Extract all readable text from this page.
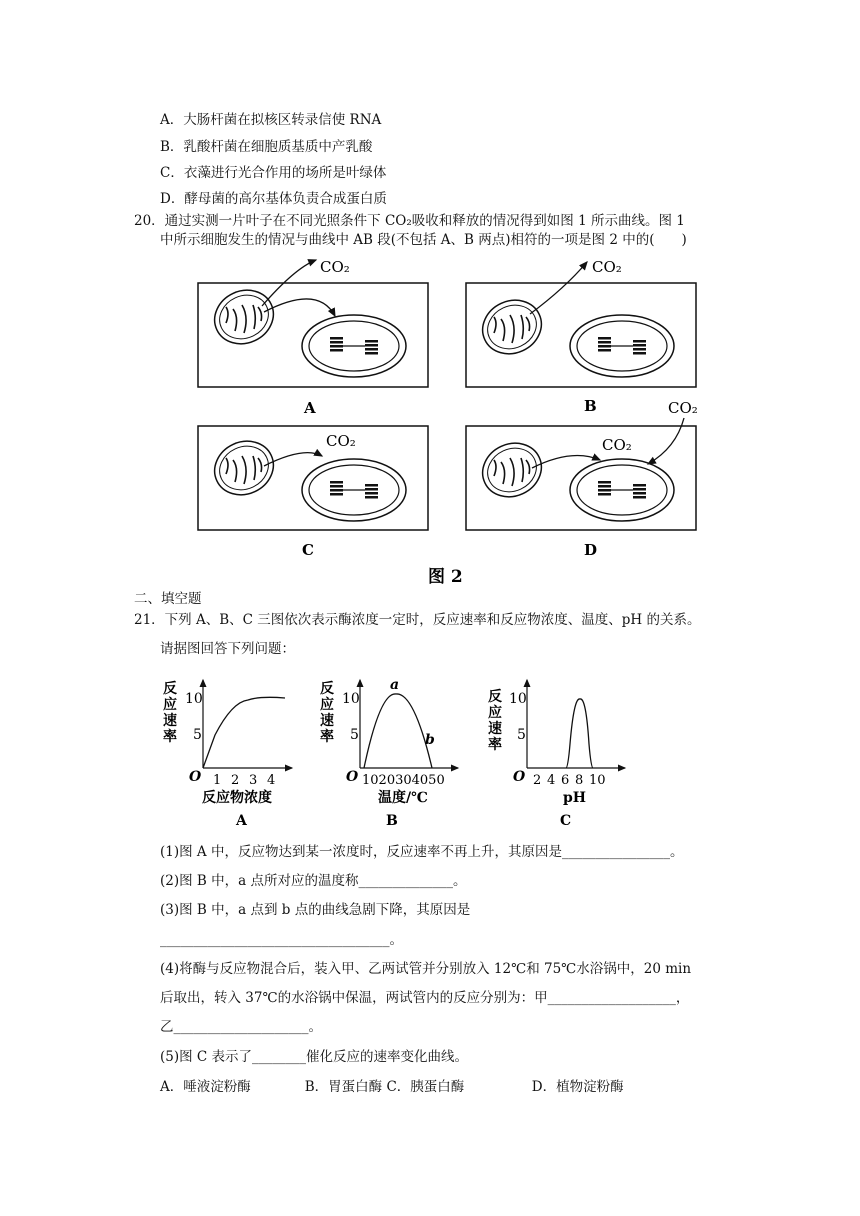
A．大肠杆菌在拟核区转录信使 RNA
B．乳酸杆菌在细胞质基质中产乳酸
C．衣藻进行光合作用的场所是叶绿体
D．酵母菌的高尔基体负责合成蛋白质
20．通过实测一片叶子在不同光照条件下 CO₂吸收和释放的情况得到如图 1 所示曲线。图 1
中所示细胞发生的情况与曲线中 AB 段(不包括 A、B 两点)相符的一项是图 2 中的(　　)
CO₂
A
CO₂
B
CO₂
C
CO₂
CO₂
D
图 2
二、填空题
21．下列 A、B、C 三图依次表示酶浓度一定时，反应速率和反应物浓度、温度、pH 的关系。
请据图回答下列问题：
反
应
速
率
10
5
O 1 2 3 4
反应物浓度
A
反
应
速
率
10
5
O 1020304050
a
b
温度/℃
B
反
应
速
率
10
5
O 2 4 6 8 10
pH
C
(1)图 A 中，反应物达到某一浓度时，反应速率不再上升，其原因是________________。
(2)图 B 中，a 点所对应的温度称______________。
(3)图 B 中，a 点到 b 点的曲线急剧下降，其原因是
__________________________________。
(4)将酶与反应物混合后，装入甲、乙两试管并分别放入 12℃和 75℃水浴锅中，20 min
后取出，转入 37℃的水浴锅中保温，两试管内的反应分别为：甲___________________，
乙____________________。
(5)图 C 表示了________催化反应的速率变化曲线。
A．唾液淀粉酶　　　　B．胃蛋白酶 C．胰蛋白酶　　　　　D．植物淀粉酶
